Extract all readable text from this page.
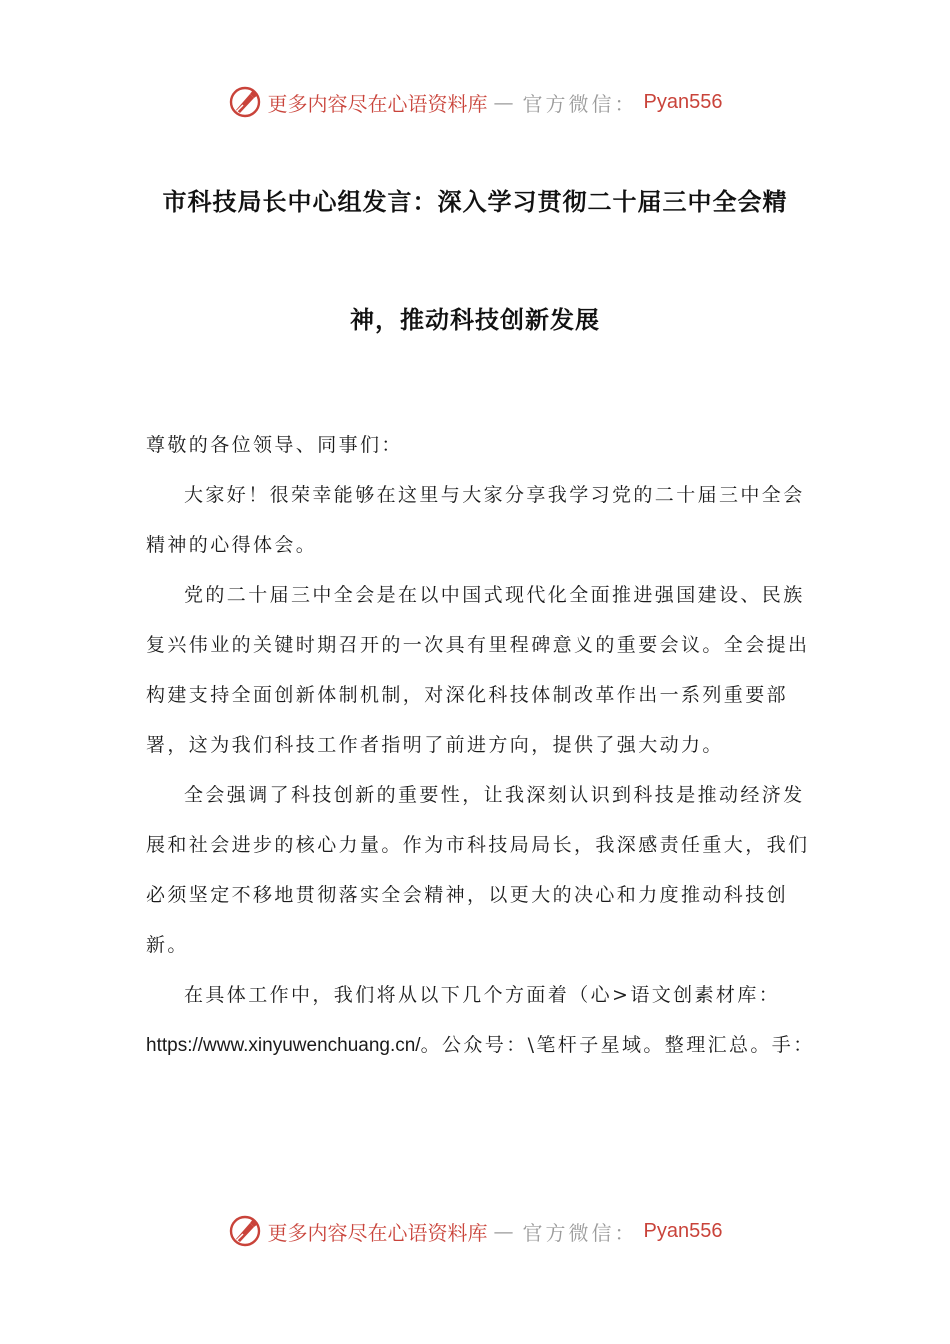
更多内容尽在心语资料库 — 官方微信： Pyan556
市科技局长中心组发言：深入学习贯彻二十届三中全会精
神，推动科技创新发展

尊敬的各位领导、同事们：

大家好！很荣幸能够在这里与大家分享我学习党的二十届三中全会精神的心得体会。

党的二十届三中全会是在以中国式现代化全面推进强国建设、民族复兴伟业的关键时期召开的一次具有里程碑意义的重要会议。全会提出构建支持全面创新体制机制，对深化科技体制改革作出一系列重要部署，这为我们科技工作者指明了前进方向，提供了强大动力。

全会强调了科技创新的重要性，让我深刻认识到科技是推动经济发展和社会进步的核心力量。作为市科技局局长，我深感责任重大，我们必须坚定不移地贯彻落实全会精神，以更大的决心和力度推动科技创新。

在具体工作中，我们将从以下几个方面着（心>语文创素材库：https://www.xinyuwenchuang.cn/。公众号：\笔杆子星域。整理汇总。手：

更多内容尽在心语资料库 — 官方微信： Pyan556
